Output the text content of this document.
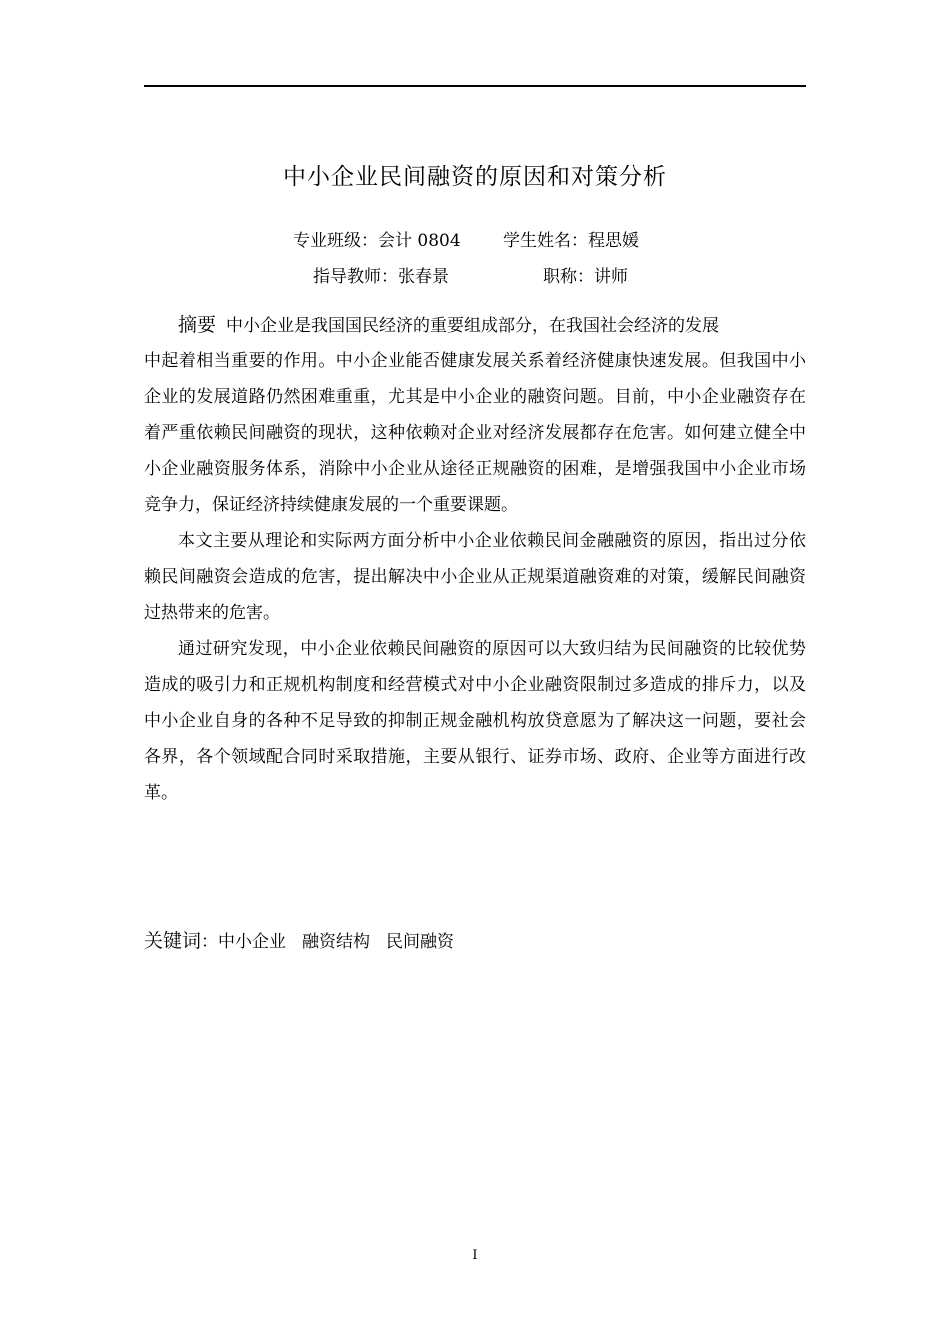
中小企业民间融资的原因和对策分析
专业班级： 会计 0804 学生姓名： 程思媛
指导教师： 张春景	职称： 讲师

摘要 中小企业是我国国民经济的重要组成部分，在我国社会经济的发展

中起着相当重要的作用。中小企业能否健康发展关系着经济健康快速发展。但我国中小企业的发展道路仍然困难重重，尤其是中小企业的融资问题。目前，中小企业融资存在着严重依赖民间融资的现状，这种依赖对企业对经济发展都存在危害。如何建立健全中小企业融资服务体系，消除中小企业从途径正规融资的困难，是增强我国中小企业市场竞争力，保证经济持续健康发展的一个重要课题。

本文主要从理论和实际两方面分析中小企业依赖民间金融融资的原因，指出过分依赖民间融资会造成的危害，提出解决中小企业从正规渠道融资难的对策，缓解民间融资过热带来的危害。

通过研究发现，中小企业依赖民间融资的原因可以大致归结为民间融资的比较优势造成的吸引力和正规机构制度和经营模式对中小企业融资限制过多造成的排斥力，以及中小企业自身的各种不足导致的抑制正规金融机构放贷意愿为了解决这一问题，要社会各界，各个领域配合同时采取措施，主要从银行、证券市场、政府、企业等方面进行改革。

关键词：中小企业 融资结构 民间融资
I
